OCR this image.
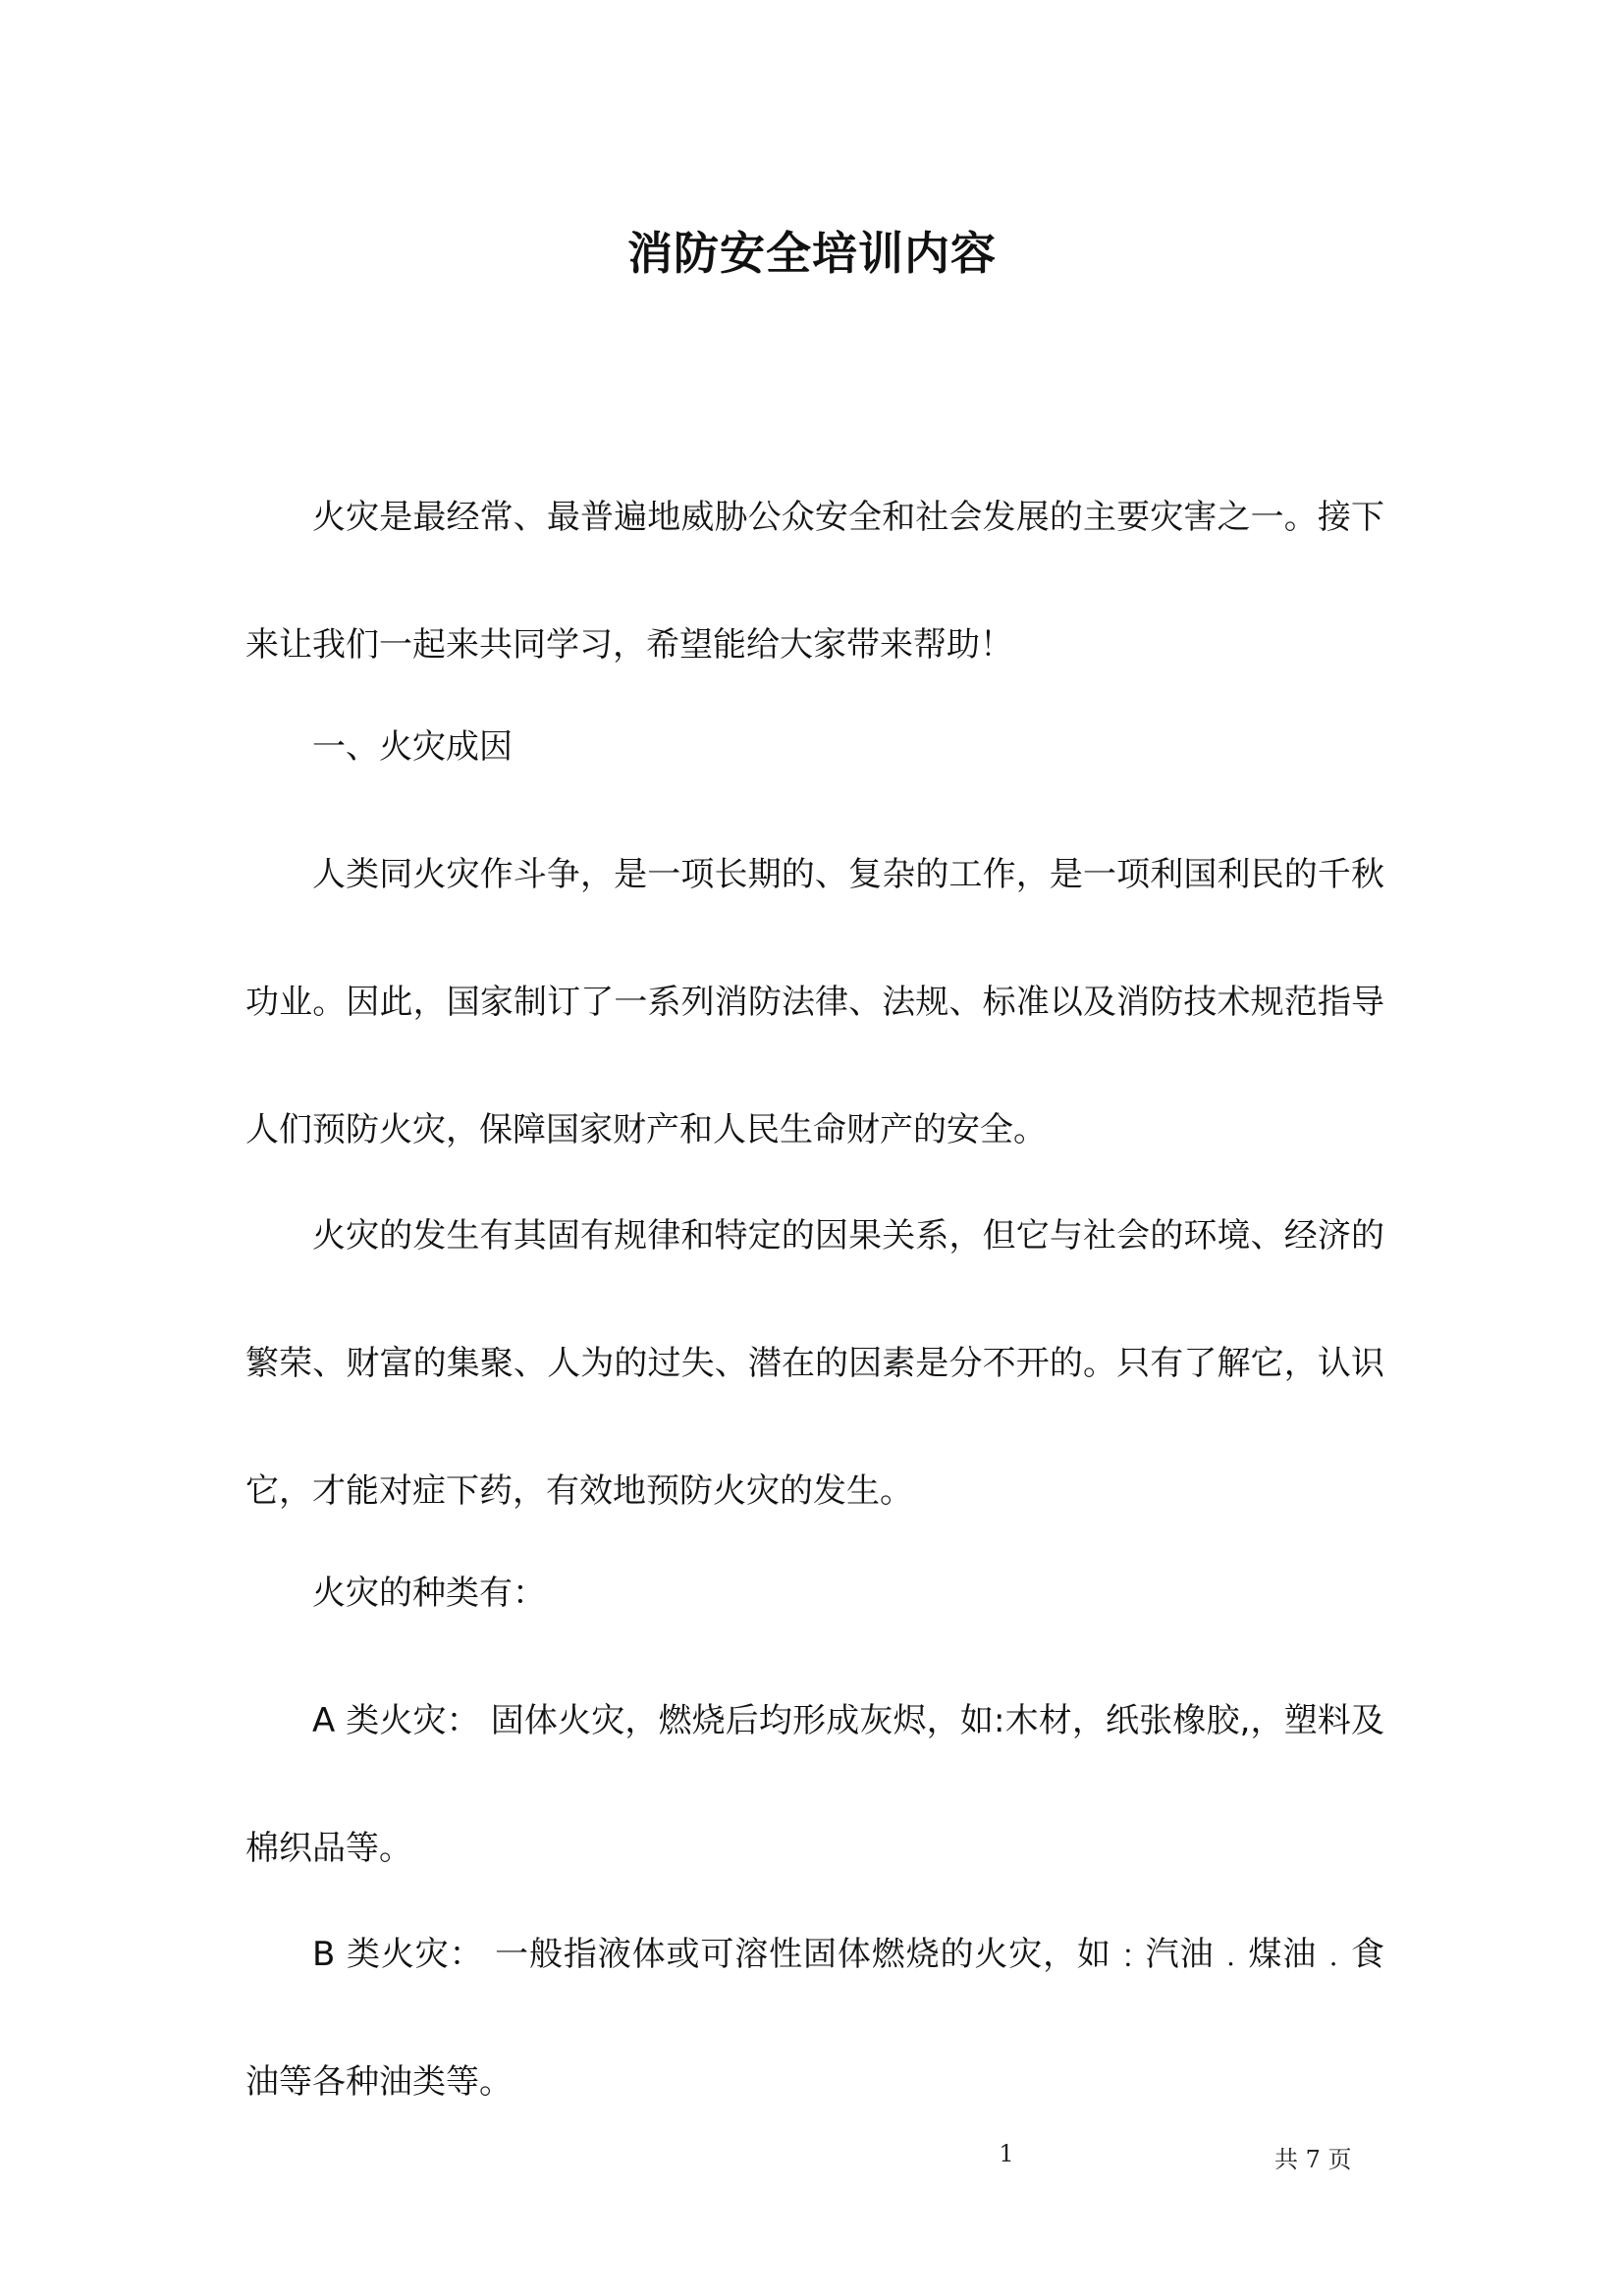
消防安全培训内容

火灾是最经常、最普遍地威胁公众安全和社会发展的主要灾害之一。接下来让我们一起来共同学习，希望能给大家带来帮助！

一、火灾成因

人类同火灾作斗争，是一项长期的、复杂的工作，是一项利国利民的千秋功业。因此，国家制订了一系列消防法律、法规、标准以及消防技术规范指导人们预防火灾，保障国家财产和人民生命财产的安全。

火灾的发生有其固有规律和特定的因果关系，但它与社会的环境、经济的繁荣、财富的集聚、人为的过失、潜在的因素是分不开的。只有了解它，认识它，才能对症下药，有效地预防火灾的发生。

火灾的种类有：

A 类火灾： 固体火灾，燃烧后均形成灰烬，如:木材，纸张橡胶,，塑料及棉织品等。

B 类火灾： 一般指液体或可溶性固体燃烧的火灾，如﹕汽油﹒煤油﹒食油等各种油类等。

1	共 7 页
